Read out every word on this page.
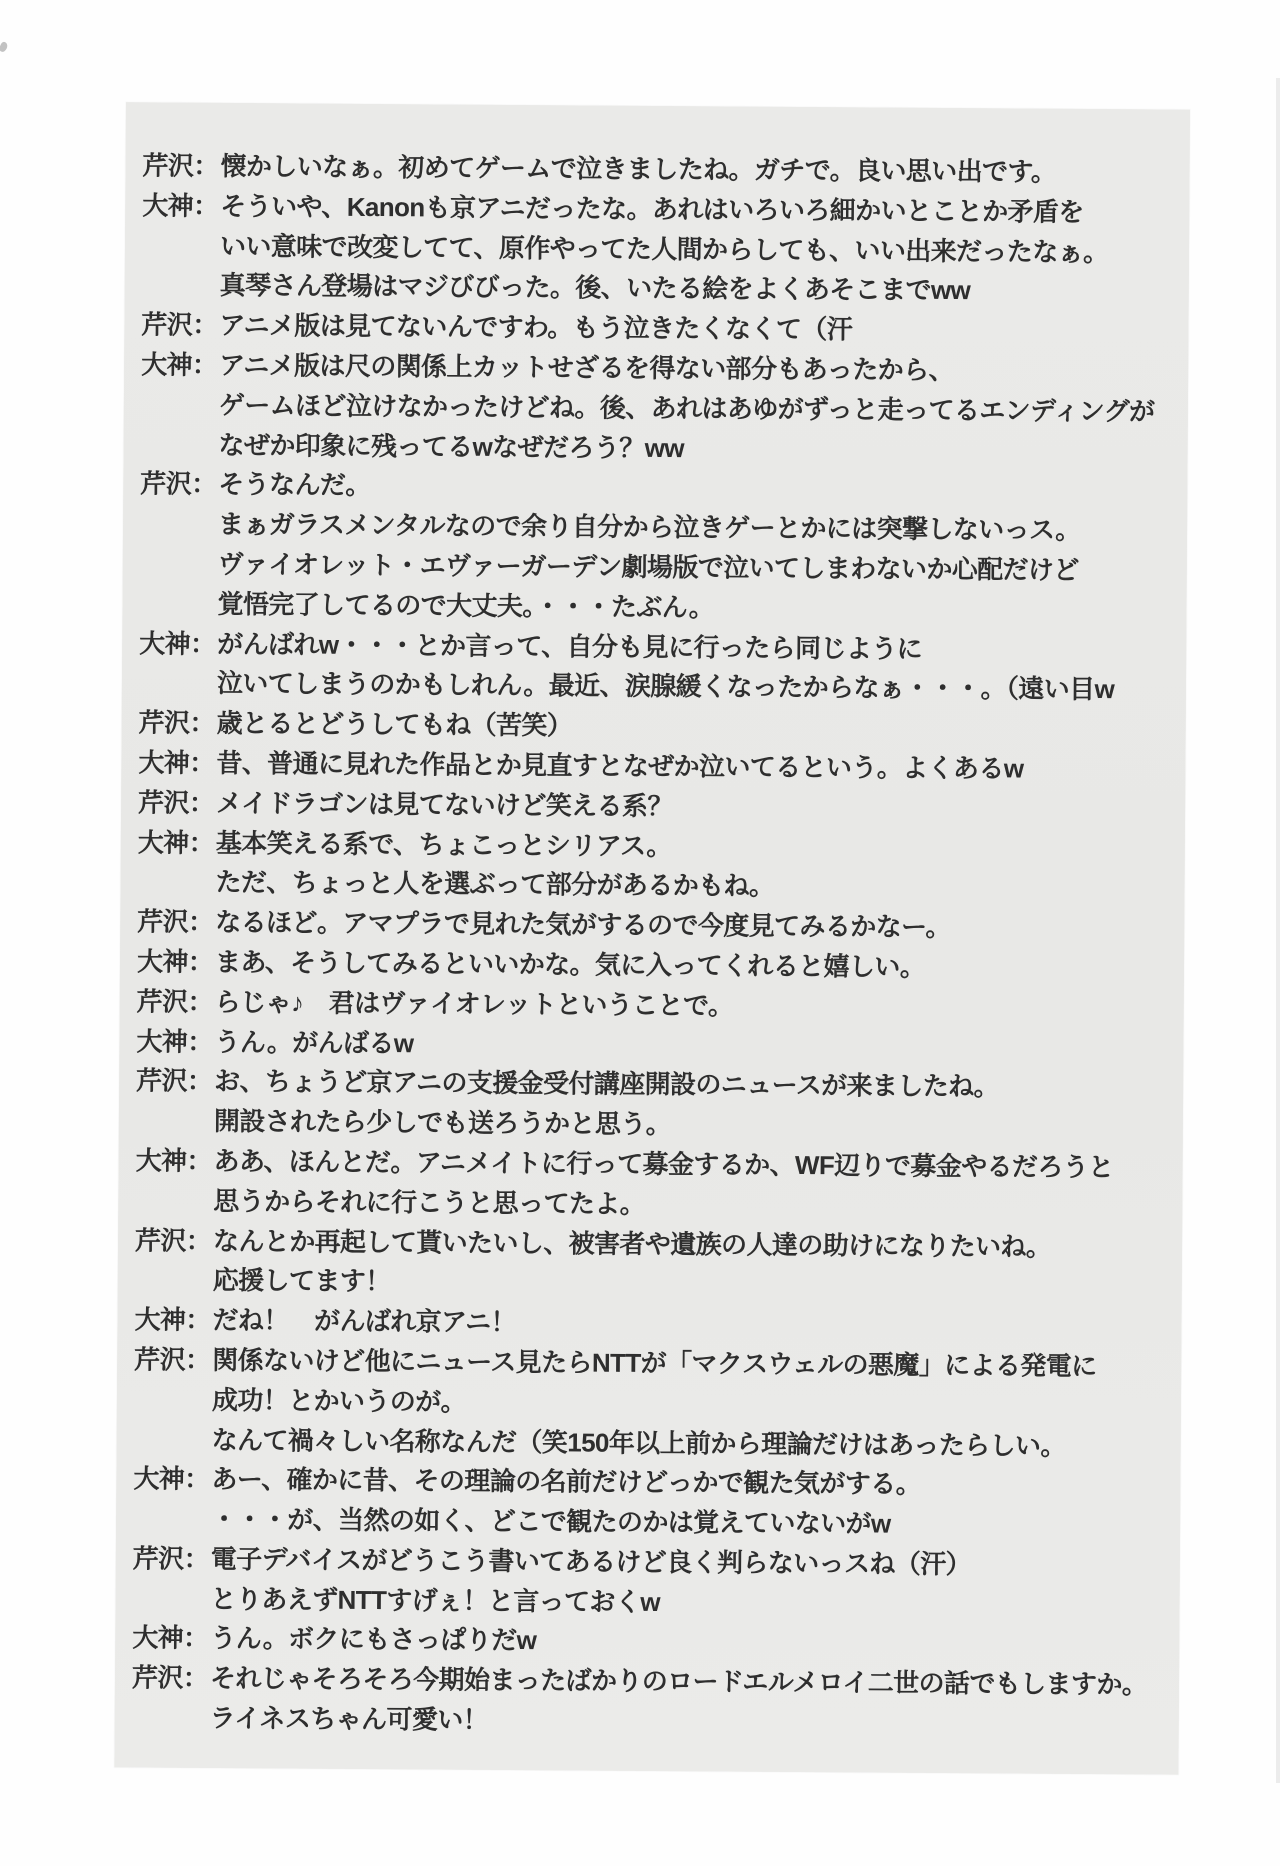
芹沢： 懐かしいなぁ。初めてゲームで泣きましたね。ガチで。良い思い出です。
大神： そういや、Kanonも京アニだったな。あれはいろいろ細かいとことか矛盾を
いい意味で改変してて、原作やってた人間からしても、いい出来だったなぁ。
真琴さん登場はマジびびった。後、いたる絵をよくあそこまでww
芹沢： アニメ版は見てないんですわ。もう泣きたくなくて（汗
大神： アニメ版は尺の関係上カットせざるを得ない部分もあったから、
ゲームほど泣けなかったけどね。後、あれはあゆがずっと走ってるエンディングが
なぜか印象に残ってるwなぜだろう？ww
芹沢： そうなんだ。
まぁガラスメンタルなので余り自分から泣きゲーとかには突撃しないっス。
ヴァイオレット・エヴァーガーデン劇場版で泣いてしまわないか心配だけど
覚悟完了してるので大丈夫。・・・たぶん。
大神： がんばれw・・・とか言って、自分も見に行ったら同じように
泣いてしまうのかもしれん。最近、涙腺緩くなったからなぁ・・・。（遠い目w
芹沢： 歳とるとどうしてもね（苦笑）
大神： 昔、普通に見れた作品とか見直すとなぜか泣いてるという。よくあるw
芹沢： メイドラゴンは見てないけど笑える系？
大神： 基本笑える系で、ちょこっとシリアス。
ただ、ちょっと人を選ぶって部分があるかもね。
芹沢： なるほど。アマプラで見れた気がするので今度見てみるかなー。
大神： まあ、そうしてみるといいかな。気に入ってくれると嬉しい。
芹沢： らじゃ♪　君はヴァイオレットということで。
大神： うん。がんばるw
芹沢： お、ちょうど京アニの支援金受付講座開設のニュースが来ましたね。
開設されたら少しでも送ろうかと思う。
大神： ああ、ほんとだ。アニメイトに行って募金するか、WF辺りで募金やるだろうと
思うからそれに行こうと思ってたよ。
芹沢： なんとか再起して貰いたいし、被害者や遺族の人達の助けになりたいね。
応援してます！
大神： だね！　がんばれ京アニ！
芹沢： 関係ないけど他にニュース見たらNTTが「マクスウェルの悪魔」による発電に
成功！とかいうのが。
なんて禍々しい名称なんだ（笑150年以上前から理論だけはあったらしい。
大神： あー、確かに昔、その理論の名前だけどっかで観た気がする。
・・・が、当然の如く、どこで観たのかは覚えていないがw
芹沢： 電子デバイスがどうこう書いてあるけど良く判らないっスね（汗）
とりあえずNTTすげぇ！と言っておくw
大神： うん。ボクにもさっぱりだw
芹沢： それじゃそろそろ今期始まったばかりのロードエルメロイ二世の話でもしますか。
ライネスちゃん可愛い！
